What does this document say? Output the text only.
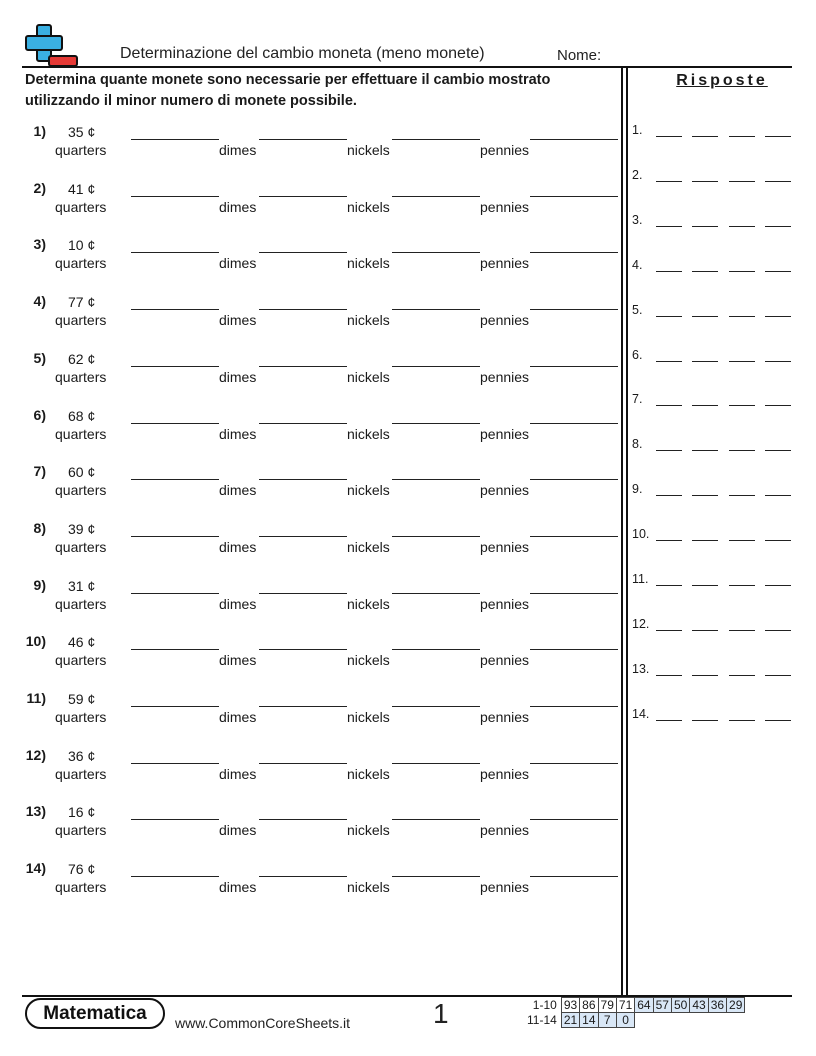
Determinazione del cambio moneta (meno monete)	Nome:
Determina quante monete sono necessarie per effettuare il cambio mostrato utilizzando il minor numero di monete possibile.
1) 35 ¢
quarters	dimes	nickels	pennies
2) 41 ¢
quarters	dimes	nickels	pennies
3) 10 ¢
quarters	dimes	nickels	pennies
4) 77 ¢
quarters	dimes	nickels	pennies
5) 62 ¢
quarters	dimes	nickels	pennies
6) 68 ¢
quarters	dimes	nickels	pennies
7) 60 ¢
quarters	dimes	nickels	pennies
8) 39 ¢
quarters	dimes	nickels	pennies
9) 31 ¢
quarters	dimes	nickels	pennies
10) 46 ¢
quarters	dimes	nickels	pennies
11) 59 ¢
quarters	dimes	nickels	pennies
12) 36 ¢
quarters	dimes	nickels	pennies
13) 16 ¢
quarters	dimes	nickels	pennies
14) 76 ¢
quarters	dimes	nickels	pennies
Risposte
1.
2.
3.
4.
5.
6.
7.
8.
9.
10.
11.
12.
13.
14.
Matematica www.CommonCoreSheets.it	1	1-10	93	86	79	71	64	57	50	43	36	29
11-14	21	14	7	0						
